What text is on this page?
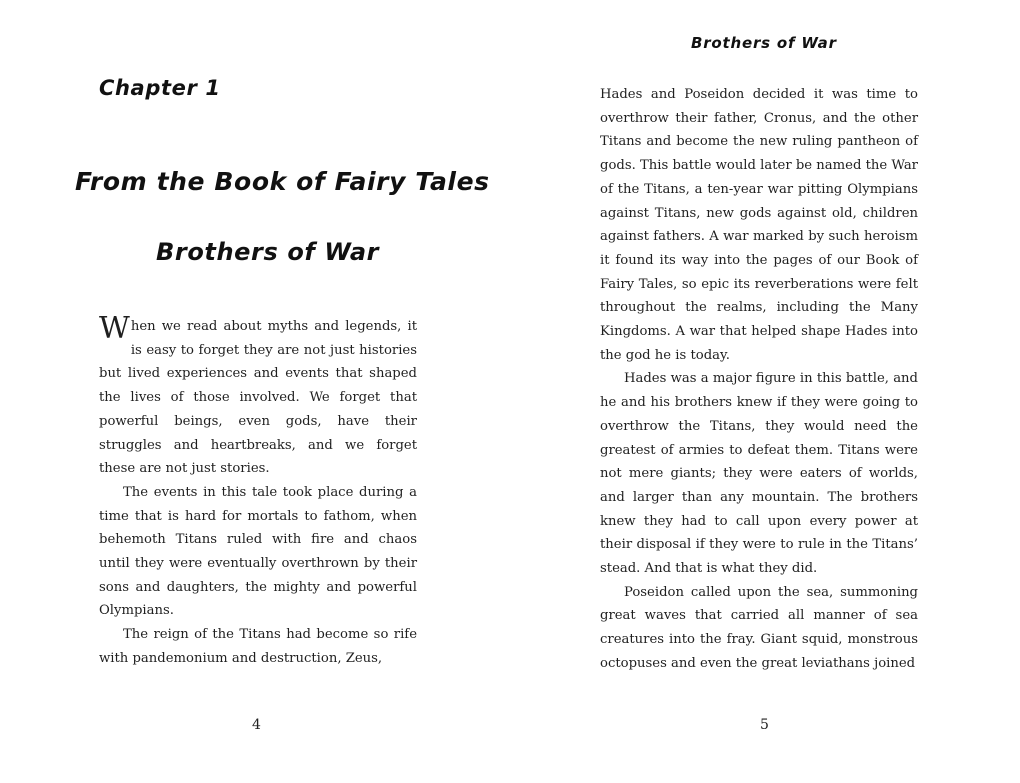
Chapter 1
From the Book of Fairy Tales
Brothers of War

When we read about myths and legends, it is easy to forget they are not just histories but lived experiences and events that shaped the lives of those involved. We forget that powerful beings, even gods, have their struggles and heartbreaks, and we forget these are not just stories.

The events in this tale took place during a time that is hard for mortals to fathom, when behemoth Titans ruled with fire and chaos until they were eventually overthrown by their sons and daughters, the mighty and powerful Olympians.

The reign of the Titans had become so rife with pandemonium and destruction, Zeus,

4
Brothers of War

Hades and Poseidon decided it was time to overthrow their father, Cronus, and the other Titans and become the new ruling pantheon of gods. This battle would later be named the War of the Titans, a ten-year war pitting Olympians against Titans, new gods against old, children against fathers. A war marked by such heroism it found its way into the pages of our Book of Fairy Tales, so epic its reverberations were felt throughout the realms, including the Many Kingdoms. A war that helped shape Hades into the god he is today.

Hades was a major figure in this battle, and he and his brothers knew if they were going to overthrow the Titans, they would need the greatest of armies to defeat them. Titans were not mere giants; they were eaters of worlds, and larger than any mountain. The brothers knew they had to call upon every power at their disposal if they were to rule in the Titans’ stead. And that is what they did.

Poseidon called upon the sea, summoning great waves that carried all manner of sea creatures into the fray. Giant squid, monstrous octopuses and even the great leviathans joined

5
